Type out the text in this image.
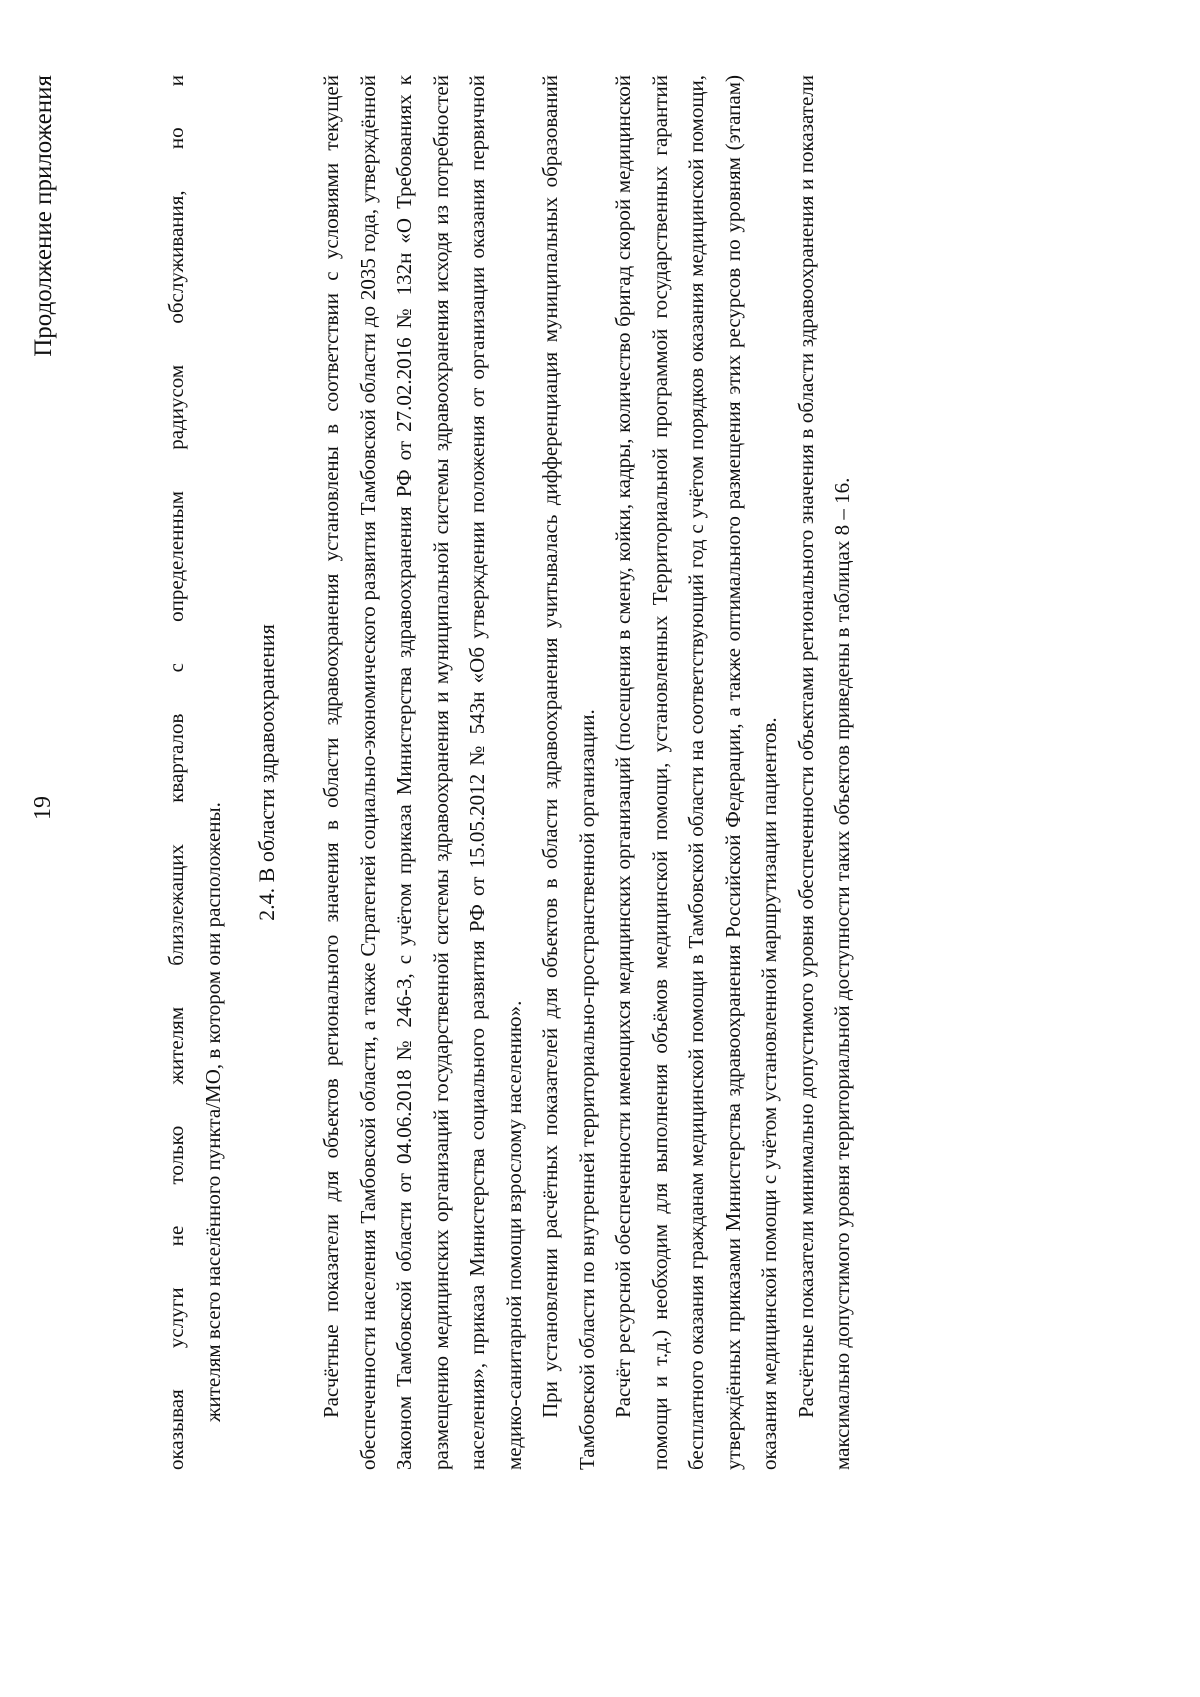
19
Продолжение приложения	оказывая услуги не только жителям близлежащих кварталов с определенным радиусом обслуживания, но и жителям всего населённого пункта/МО, в котором они расположены.

2.4. В области здравоохранения Расчётные показатели для объектов регионального значения в области здравоохранения установлены в соответствии с условиями текущей обеспеченности населения Тамбовской области, а также Стратегией социально-экономического развития Тамбовской области до 2035 года, утверждённой Законом Тамбовской области от 04.06.2018 № 246-З, с учётом приказа Министерства здравоохранения РФ от 27.02.2016 № 132н «О Требованиях к размещению медицинских организаций государственной системы здравоохранения и муниципальной системы здравоохранения исходя из потребностей населения», приказа Министерства социального развития РФ от 15.05.2012 № 543н «Об утверждении положения от организации оказания первичной медико-санитарной помощи взрослому населению». При установлении расчётных показателей для объектов в области здравоохранения учитывалась дифференциация муниципальных образований Тамбовской области по внутренней территориально-пространственной организации. Расчёт ресурсной обеспеченности имеющихся медицинских организаций (посещения в смену, койки, кадры, количество бригад скорой медицинской помощи и т.д.) необходим для выполнения объёмов медицинской помощи, установленных Территориальной программой государственных гарантий бесплатного оказания гражданам медицинской помощи в Тамбовской области на соответствующий год с учётом порядков оказания медицинской помощи, утверждённых приказами Министерства здравоохранения Российской Федерации, а также оптимального размещения этих ресурсов по уровням (этапам) оказания медицинской помощи с учётом установленной маршрутизации пациентов. Расчётные показатели минимально допустимого уровня обеспеченности объектами регионального значения в области здравоохранения и показатели максимально допустимого уровня территориальной доступности таких объектов приведены в таблицах 8 – 16.
